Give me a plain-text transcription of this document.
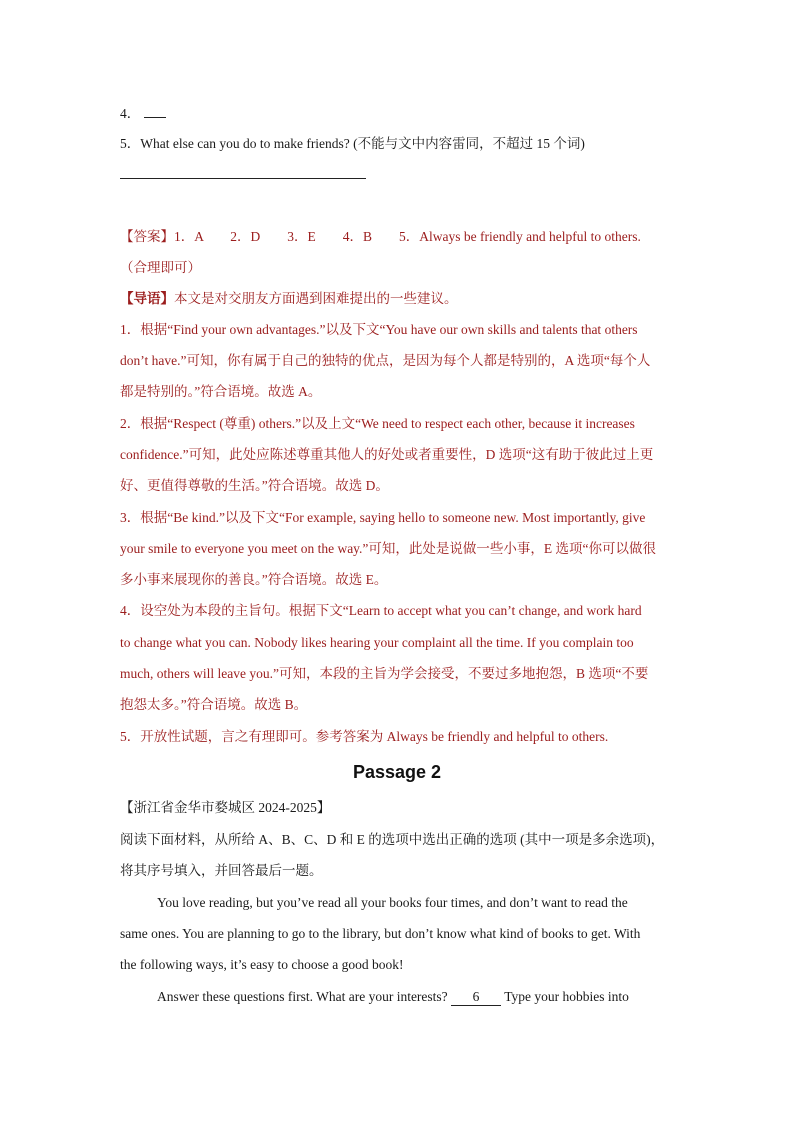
4．
5．What else can you do to make friends? (不能与文中内容雷同，不超过 15 个词)
【答案】1．A　　2．D　　3．E　　4．B　　5．Always be friendly and helpful to others.
（合理即可）
【导语】本文是对交朋友方面遇到困难提出的一些建议。
1．根据“Find your own advantages.”以及下文“You have our own skills and talents that others
don’t have.”可知，你有属于自己的独特的优点，是因为每个人都是特别的，A 选项“每个人
都是特别的。”符合语境。故选 A。
2．根据“Respect (尊重) others.”以及上文“We need to respect each other, because it increases
confidence.”可知，此处应陈述尊重其他人的好处或者重要性，D 选项“这有助于彼此过上更
好、更值得尊敬的生活。”符合语境。故选 D。
3．根据“Be kind.”以及下文“For example, saying hello to someone new. Most importantly, give
your smile to everyone you meet on the way.”可知，此处是说做一些小事，E 选项“你可以做很
多小事来展现你的善良。”符合语境。故选 E。
4．设空处为本段的主旨句。根据下文“Learn to accept what you can’t change, and work hard
to change what you can. Nobody likes hearing your complaint all the time. If you complain too
much, others will leave you.”可知，本段的主旨为学会接受，不要过多地抱怨，B 选项“不要
抱怨太多。”符合语境。故选 B。
5．开放性试题，言之有理即可。参考答案为 Always be friendly and helpful to others.
Passage 2
【浙江省金华市婺城区 2024-2025】
阅读下面材料，从所给 A、B、C、D 和 E 的选项中选出正确的选项 (其中一项是多余选项)，
将其序号填入，并回答最后一题。
You love reading, but you’ve read all your books four times, and don’t want to read the
same ones. You are planning to go to the library, but don’t know what kind of books to get. With
the following ways, it’s easy to choose a good book!
Answer these questions first. What are your interests? 6 Type your hobbies into
